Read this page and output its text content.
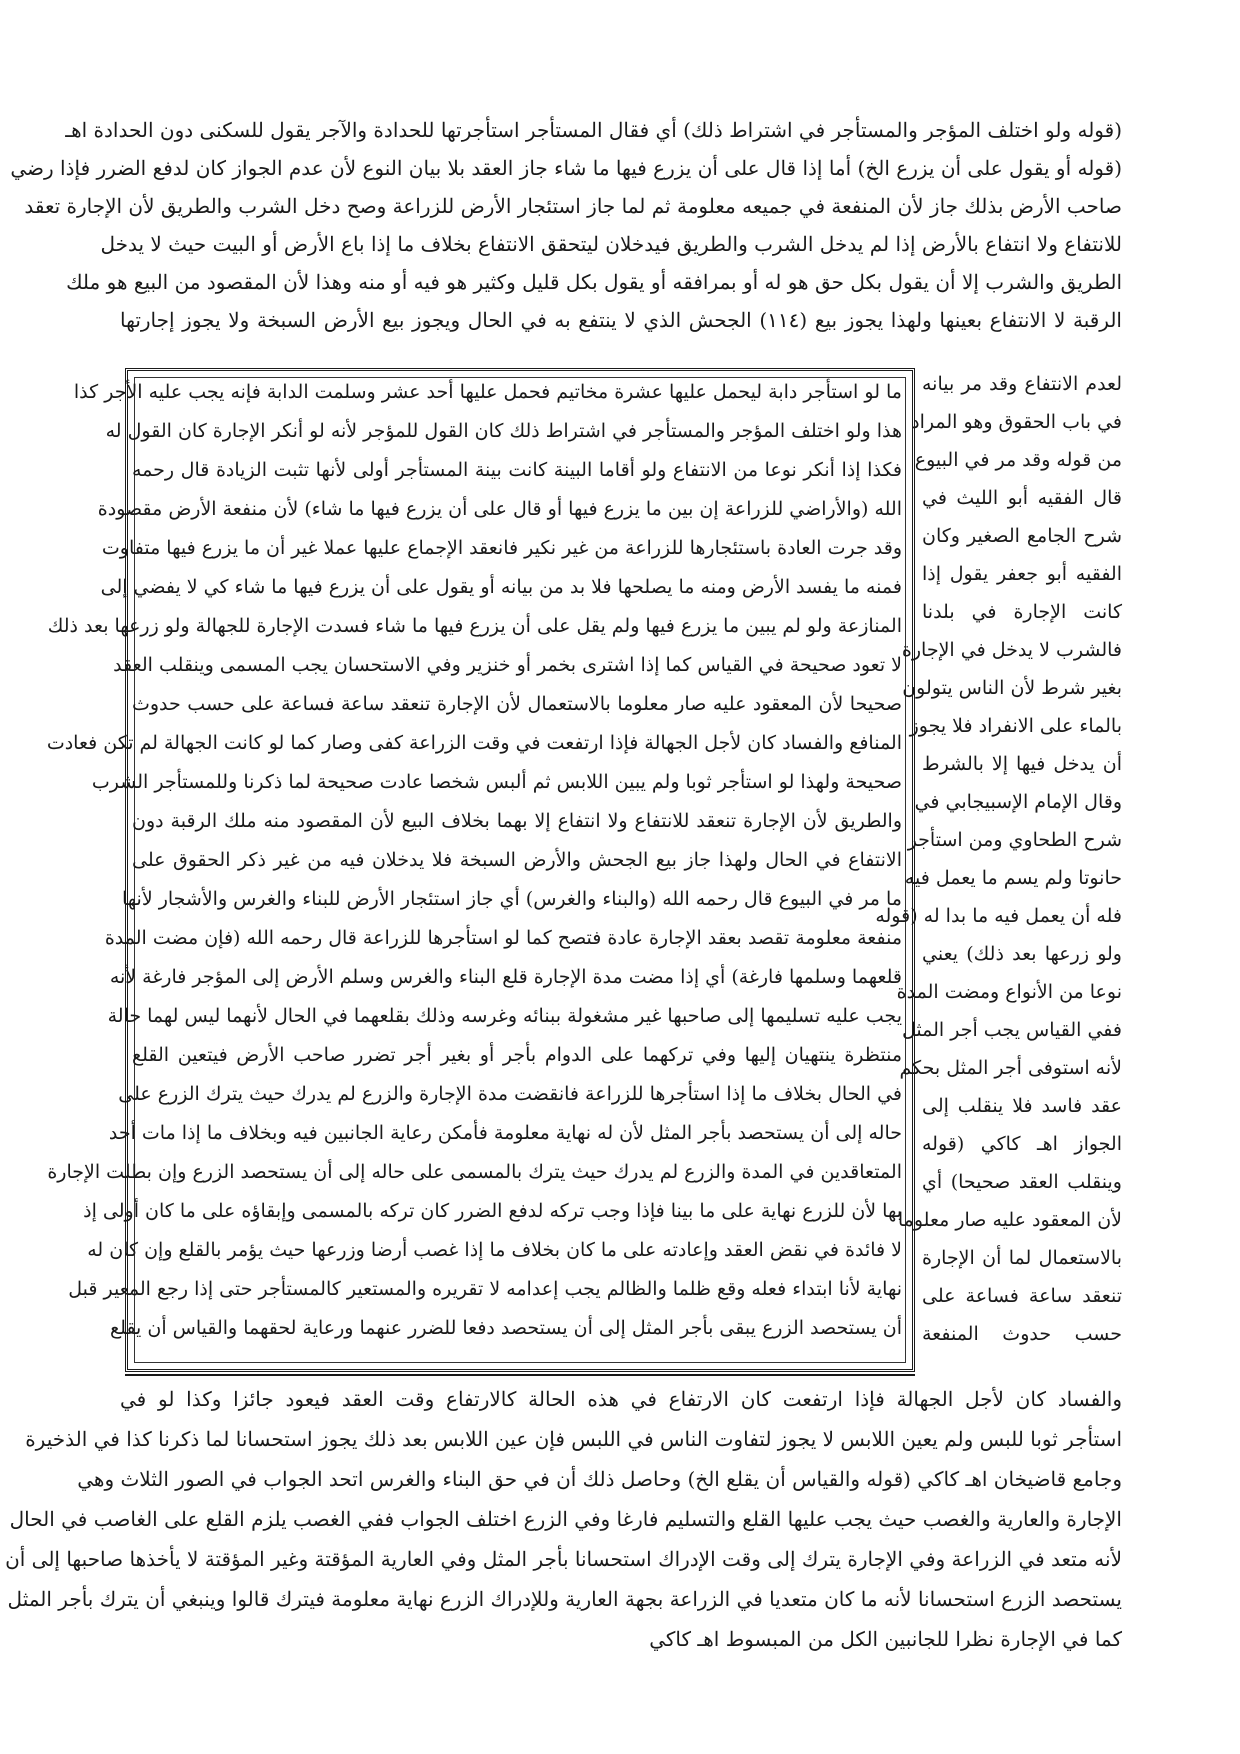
(قوله ولو اختلف المؤجر والمستأجر في اشتراط ذلك) أي فقال المستأجر استأجرتها للحدادة والآجر يقول للسكنى دون الحدادة اهـ
(قوله أو يقول على أن يزرع الخ) أما إذا قال على أن يزرع فيها ما شاء جاز العقد بلا بيان النوع لأن عدم الجواز كان لدفع الضرر فإذا رضي
صاحب الأرض بذلك جاز لأن المنفعة في جميعه معلومة ثم لما جاز استئجار الأرض للزراعة وصح دخل الشرب والطريق لأن الإجارة تعقد
للانتفاع ولا انتفاع بالأرض إذا لم يدخل الشرب والطريق فيدخلان ليتحقق الانتفاع بخلاف ما إذا باع الأرض أو البيت حيث لا يدخل
الطريق والشرب إلا أن يقول بكل حق هو له أو بمرافقه أو يقول بكل قليل وكثير هو فيه أو منه وهذا لأن المقصود من البيع هو ملك
الرقبة لا الانتفاع بعينها ولهذا يجوز بيع (١١٤) الجحش الذي لا ينتفع به في الحال ويجوز بيع الأرض السبخة ولا يجوز إجارتها
ما لو استأجر دابة ليحمل عليها عشرة مخاتيم فحمل عليها أحد عشر وسلمت الدابة فإنه يجب عليه الأجر كذا
هذا ولو اختلف المؤجر والمستأجر في اشتراط ذلك كان القول للمؤجر لأنه لو أنكر الإجارة كان القول له
فكذا إذا أنكر نوعا من الانتفاع ولو أقاما البينة كانت بينة المستأجر أولى لأنها تثبت الزيادة قال رحمه
الله (والأراضي للزراعة إن بين ما يزرع فيها أو قال على أن يزرع فيها ما شاء) لأن منفعة الأرض مقصودة
وقد جرت العادة باستئجارها للزراعة من غير نكير فانعقد الإجماع عليها عملا غير أن ما يزرع فيها متفاوت
فمنه ما يفسد الأرض ومنه ما يصلحها فلا بد من بيانه أو يقول على أن يزرع فيها ما شاء كي لا يفضي إلى
المنازعة ولو لم يبين ما يزرع فيها ولم يقل على أن يزرع فيها ما شاء فسدت الإجارة للجهالة ولو زرعها بعد ذلك
لا تعود صحيحة في القياس كما إذا اشترى بخمر أو خنزير وفي الاستحسان يجب المسمى وينقلب العقد
صحيحا لأن المعقود عليه صار معلوما بالاستعمال لأن الإجارة تنعقد ساعة فساعة على حسب حدوث
المنافع والفساد كان لأجل الجهالة فإذا ارتفعت في وقت الزراعة كفى وصار كما لو كانت الجهالة لم تكن فعادت
صحيحة ولهذا لو استأجر ثوبا ولم يبين اللابس ثم ألبس شخصا عادت صحيحة لما ذكرنا وللمستأجر الشرب
والطريق لأن الإجارة تنعقد للانتفاع ولا انتفاع إلا بهما بخلاف البيع لأن المقصود منه ملك الرقبة دون
الانتفاع في الحال ولهذا جاز بيع الجحش والأرض السبخة فلا يدخلان فيه من غير ذكر الحقوق على
ما مر في البيوع قال رحمه الله (والبناء والغرس) أي جاز استئجار الأرض للبناء والغرس والأشجار لأنها
منفعة معلومة تقصد بعقد الإجارة عادة فتصح كما لو استأجرها للزراعة قال رحمه الله (فإن مضت المدة
قلعهما وسلمها فارغة) أي إذا مضت مدة الإجارة قلع البناء والغرس وسلم الأرض إلى المؤجر فارغة لأنه
يجب عليه تسليمها إلى صاحبها غير مشغولة ببنائه وغرسه وذلك بقلعهما في الحال لأنهما ليس لهما حالة
منتظرة ينتهيان إليها وفي تركهما على الدوام بأجر أو بغير أجر تضرر صاحب الأرض فيتعين القلع
في الحال بخلاف ما إذا استأجرها للزراعة فانقضت مدة الإجارة والزرع لم يدرك حيث يترك الزرع على
حاله إلى أن يستحصد بأجر المثل لأن له نهاية معلومة فأمكن رعاية الجانبين فيه وبخلاف ما إذا مات أحد
المتعاقدين في المدة والزرع لم يدرك حيث يترك بالمسمى على حاله إلى أن يستحصد الزرع وإن بطلت الإجارة
بها لأن للزرع نهاية على ما بينا فإذا وجب تركه لدفع الضرر كان تركه بالمسمى وإبقاؤه على ما كان أولى إذ
لا فائدة في نقض العقد وإعادته على ما كان بخلاف ما إذا غصب أرضا وزرعها حيث يؤمر بالقلع وإن كان له
نهاية لأنا ابتداء فعله وقع ظلما والظالم يجب إعدامه لا تقريره والمستعير كالمستأجر حتى إذا رجع المعير قبل
أن يستحصد الزرع يبقى بأجر المثل إلى أن يستحصد دفعا للضرر عنهما ورعاية لحقهما والقياس أن يقلع
لعدم الانتفاع وقد مر بيانه
في باب الحقوق وهو المراد
من قوله وقد مر في البيوع
قال الفقيه أبو الليث في
شرح الجامع الصغير وكان
الفقيه أبو جعفر يقول إذا
كانت الإجارة في بلدنا
فالشرب لا يدخل في الإجارة
بغير شرط لأن الناس يتولون
بالماء على الانفراد فلا يجوز
أن يدخل فيها إلا بالشرط
وقال الإمام الإسبيجابي في
شرح الطحاوي ومن استأجر
حانوتا ولم يسم ما يعمل فيه
فله أن يعمل فيه ما بدا له (قوله
ولو زرعها بعد ذلك) يعني
نوعا من الأنواع ومضت المدة
ففي القياس يجب أجر المثل
لأنه استوفى أجر المثل بحكم
عقد فاسد فلا ينقلب إلى
الجواز اهـ كاكي (قوله
وينقلب العقد صحيحا) أي
لأن المعقود عليه صار معلوما
بالاستعمال لما أن الإجارة
تنعقد ساعة فساعة على
حسب حدوث المنفعة
والفساد كان لأجل الجهالة فإذا ارتفعت كان الارتفاع في هذه الحالة كالارتفاع وقت العقد فيعود جائزا وكذا لو في
استأجر ثوبا للبس ولم يعين اللابس لا يجوز لتفاوت الناس في اللبس فإن عين اللابس بعد ذلك يجوز استحسانا لما ذكرنا كذا في الذخيرة
وجامع قاضيخان اهـ كاكي (قوله والقياس أن يقلع الخ) وحاصل ذلك أن في حق البناء والغرس اتحد الجواب في الصور الثلاث وهي
الإجارة والعارية والغصب حيث يجب عليها القلع والتسليم فارغا وفي الزرع اختلف الجواب ففي الغصب يلزم القلع على الغاصب في الحال
لأنه متعد في الزراعة وفي الإجارة يترك إلى وقت الإدراك استحسانا بأجر المثل وفي العارية المؤقتة وغير المؤقتة لا يأخذها صاحبها إلى أن
يستحصد الزرع استحسانا لأنه ما كان متعديا في الزراعة بجهة العارية وللإدراك الزرع نهاية معلومة فيترك قالوا وينبغي أن يترك بأجر المثل
كما في الإجارة نظرا للجانبين الكل من المبسوط اهـ كاكي
